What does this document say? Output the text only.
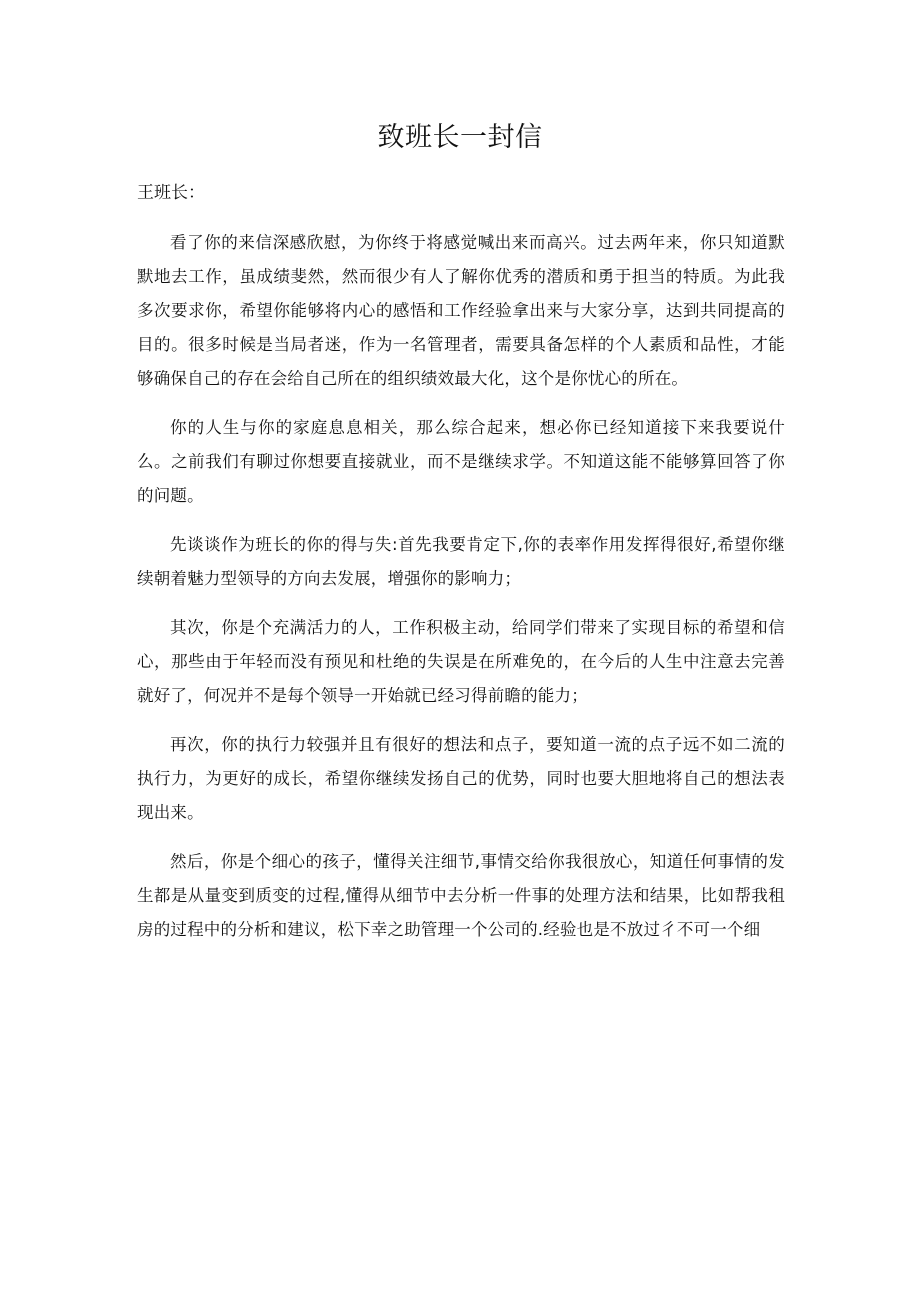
致班长一封信

王班长：

看了你的来信深感欣慰，为你终于将感觉喊出来而高兴。过去两年来，你只知道默默地去工作，虽成绩斐然，然而很少有人了解你优秀的潜质和勇于担当的特质。为此我多次要求你，希望你能够将内心的感悟和工作经验拿出来与大家分享，达到共同提高的目的。很多时候是当局者迷，作为一名管理者，需要具备怎样的个人素质和品性，才能够确保自己的存在会给自己所在的组织绩效最大化，这个是你忧心的所在。

你的人生与你的家庭息息相关，那么综合起来，想必你已经知道接下来我要说什么。之前我们有聊过你想要直接就业，而不是继续求学。不知道这能不能够算回答了你的问题。

先谈谈作为班长的你的得与失:首先我要肯定下,你的表率作用发挥得很好,希望你继续朝着魅力型领导的方向去发展，增强你的影响力；

其次，你是个充满活力的人，工作积极主动，给同学们带来了实现目标的希望和信心，那些由于年轻而没有预见和杜绝的失误是在所难免的，在今后的人生中注意去完善就好了，何况并不是每个领导一开始就已经习得前瞻的能力；

再次，你的执行力较强并且有很好的想法和点子，要知道一流的点子远不如二流的执行力，为更好的成长，希望你继续发扬自己的优势，同时也要大胆地将自己的想法表现出来。

然后，你是个细心的孩子，懂得关注细节,事情交给你我很放心，知道任何事情的发生都是从量变到质变的过程,懂得从细节中去分析一件事的处理方法和结果，比如帮我租房的过程中的分析和建议，松下幸之助管理一个公司的.经验也是不放过彳不可一个细
